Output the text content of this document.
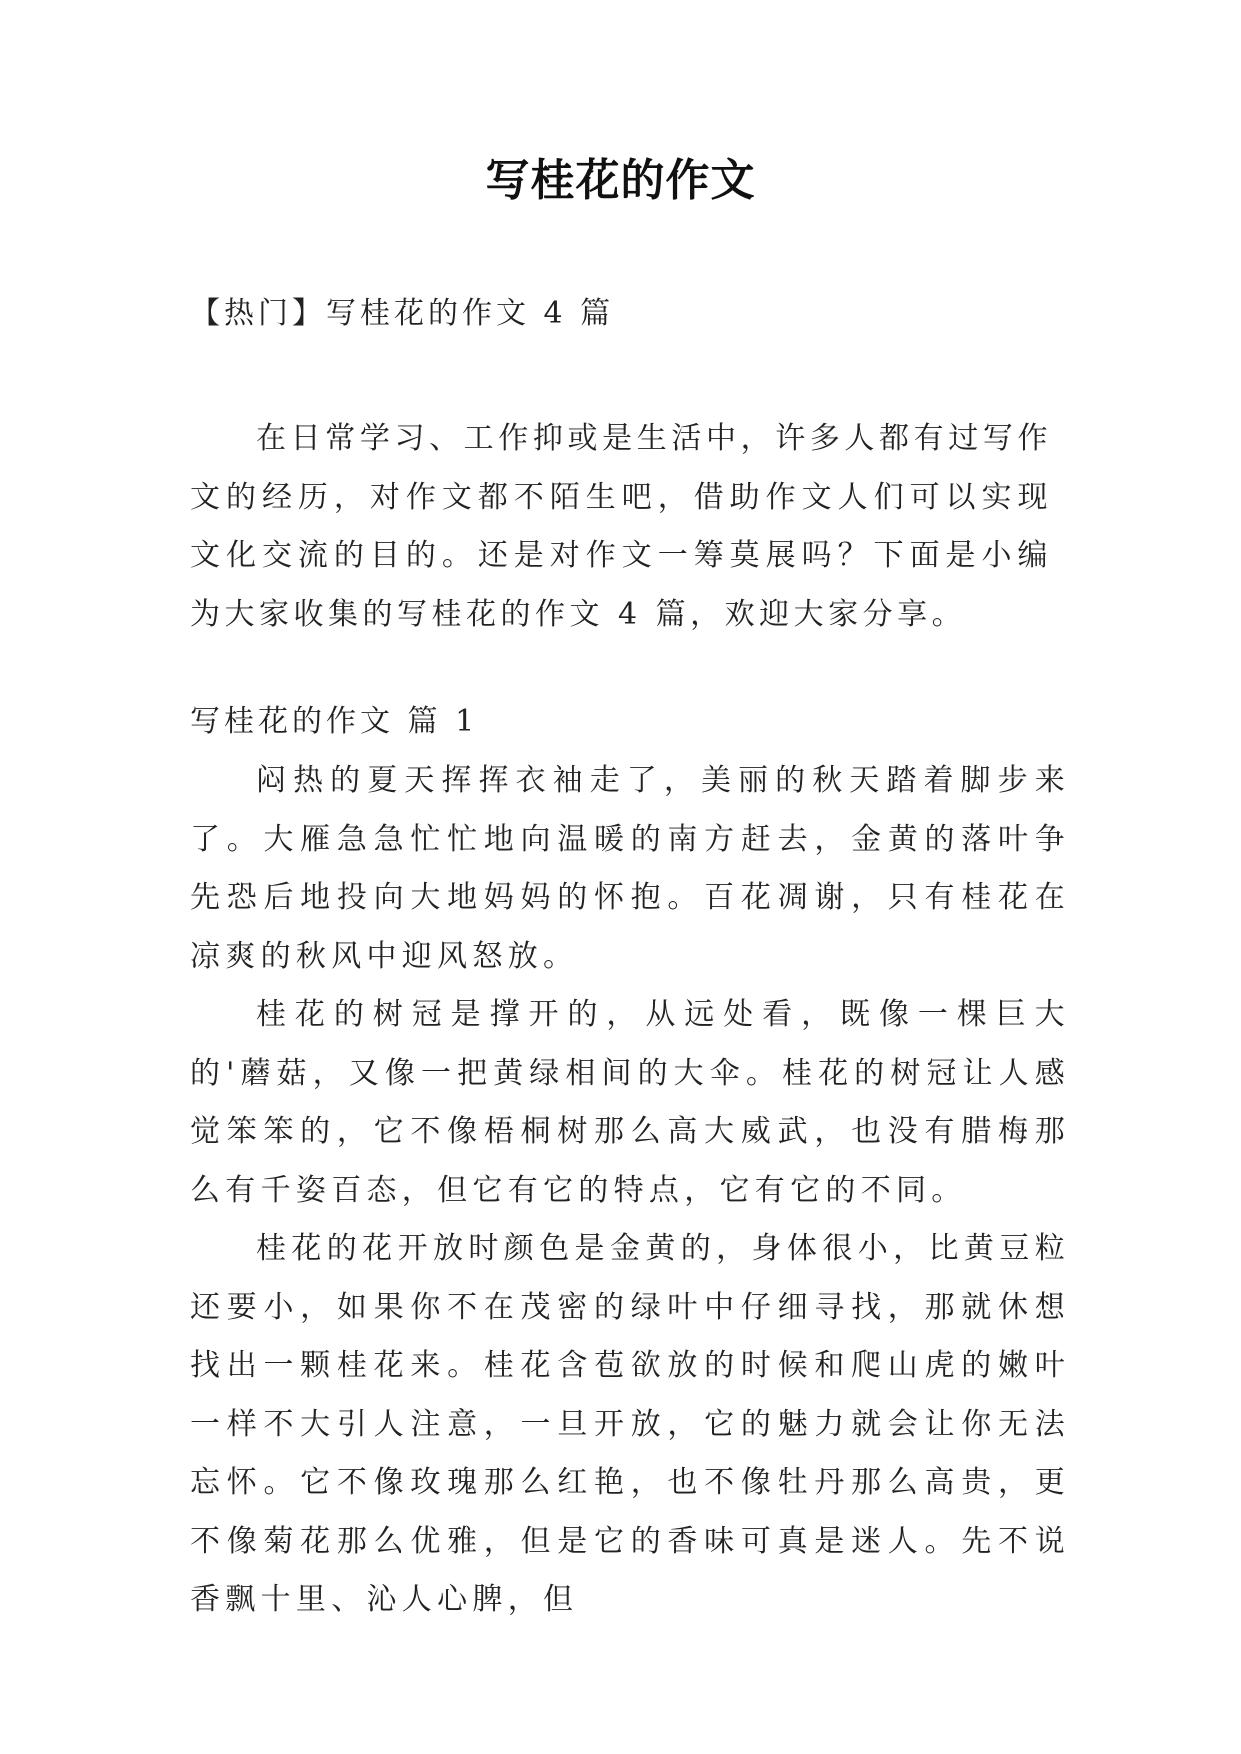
写桂花的作文
【热门】写桂花的作文 4 篇

在日常学习、工作抑或是生活中，许多人都有过写作文的经历，对作文都不陌生吧，借助作文人们可以实现文化交流的目的。还是对作文一筹莫展吗？下面是小编为大家收集的写桂花的作文 4 篇，欢迎大家分享。

写桂花的作文 篇 1

闷热的夏天挥挥衣袖走了，美丽的秋天踏着脚步来了。大雁急急忙忙地向温暖的南方赶去，金黄的落叶争先恐后地投向大地妈妈的怀抱。百花凋谢，只有桂花在凉爽的秋风中迎风怒放。

桂花的树冠是撑开的，从远处看，既像一棵巨大的'蘑菇，又像一把黄绿相间的大伞。桂花的树冠让人感觉笨笨的，它不像梧桐树那么高大威武，也没有腊梅那么有千姿百态，但它有它的特点，它有它的不同。

桂花的花开放时颜色是金黄的，身体很小，比黄豆粒还要小，如果你不在茂密的绿叶中仔细寻找，那就休想找出一颗桂花来。桂花含苞欲放的时候和爬山虎的嫩叶一样不大引人注意，一旦开放，它的魅力就会让你无法忘怀。它不像玫瑰那么红艳，也不像牡丹那么高贵，更不像菊花那么优雅，但是它的香味可真是迷人。先不说香飘十里、沁人心脾，但
